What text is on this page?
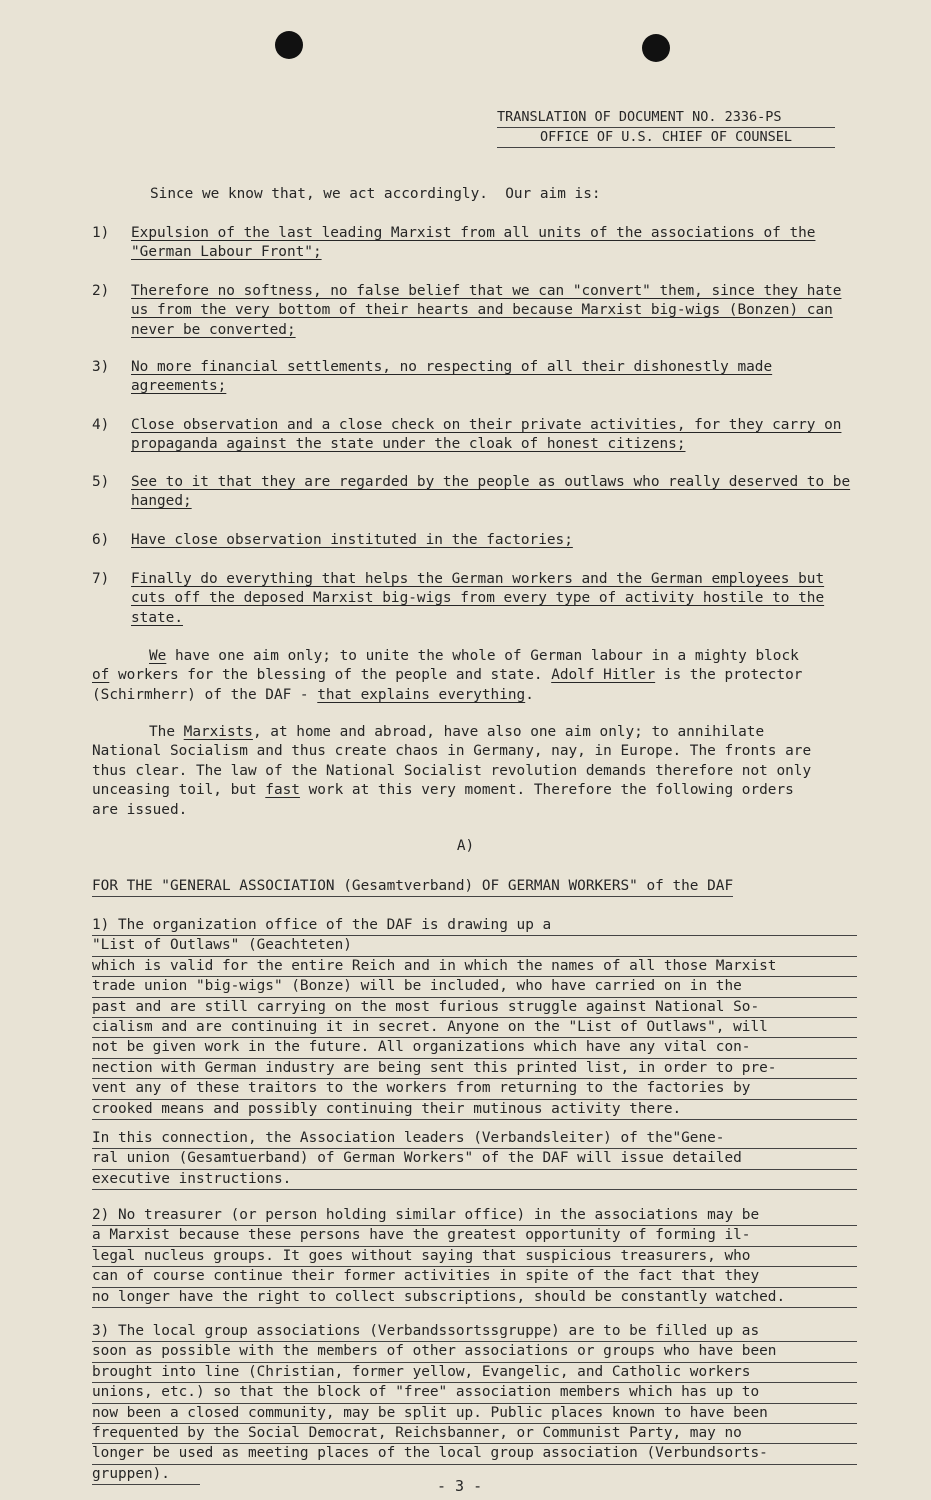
TRANSLATION OF DOCUMENT NO. 2336-PS
OFFICE OF U.S. CHIEF OF COUNSEL
Since we know that, we act accordingly.  Our aim is:
1) Expulsion of the last leading Marxist from all units of the associations of the "German Labour Front";
2) Therefore no softness, no false belief that we can "convert" them, since they hate us from the very bottom of their hearts and because Marxist big-wigs (Bonzen) can never be converted;
3) No more financial settlements, no respecting of all their dishonestly made agreements;
4) Close observation and a close check on their private activities, for they carry on propaganda against the state under the cloak of honest citizens;
5) See to it that they are regarded by the people as outlaws who really deserved to be hanged;
6) Have close observation instituted in the factories;
7) Finally do everything that helps the German workers and the German employees but cuts off the deposed Marxist big-wigs from every type of activity hostile to the state.
We have one aim only; to unite the whole of German labour in a mighty block of workers for the blessing of the people and state. Adolf Hitler is the protector (Schirmherr) of the DAF - that explains everything.
The Marxists, at home and abroad, have also one aim only; to annihilate National Socialism and thus create chaos in Germany, nay, in Europe. The fronts are thus clear. The law of the National Socialist revolution demands therefore not only unceasing toil, but fast work at this very moment. Therefore the following orders are issued.
A)
FOR THE "GENERAL ASSOCIATION (Gesamtverband) OF GERMAN WORKERS" of the DAF
1) The organization office of the DAF is drawing up a
"List of Outlaws" (Geachteten)
which is valid for the entire Reich and in which the names of all those Marxist
trade union "big-wigs" (Bonze) will be included, who have carried on in the
past and are still carrying on the most furious struggle against National So-
cialism and are continuing it in secret. Anyone on the "List of Outlaws", will
not be given work in the future. All organizations which have any vital con-
nection with German industry are being sent this printed list, in order to pre-
vent any of these traitors to the workers from returning to the factories by
crooked means and possibly continuing their mutinous activity there.
In this connection, the Association leaders (Verbandsleiter) of the"Gene-
ral union (Gesamtuerband) of German Workers" of the DAF will issue detailed
executive instructions.
2) No treasurer (or person holding similar office) in the associations may be
a Marxist because these persons have the greatest opportunity of forming il-
legal nucleus groups. It goes without saying that suspicious treasurers, who
can of course continue their former activities in spite of the fact that they
no longer have the right to collect subscriptions, should be constantly watched.
3) The local group associations (Verbandssortssgruppe) are to be filled up as
soon as possible with the members of other associations or groups who have been
brought into line (Christian, former yellow, Evangelic, and Catholic workers
unions, etc.) so that the block of "free" association members which has up to
now been a closed community, may be split up. Public places known to have been
frequented by the Social Democrat, Reichsbanner, or Communist Party, may no
longer be used as meeting places of the local group association (Verbundsorts-
gruppen).
- 3 -
